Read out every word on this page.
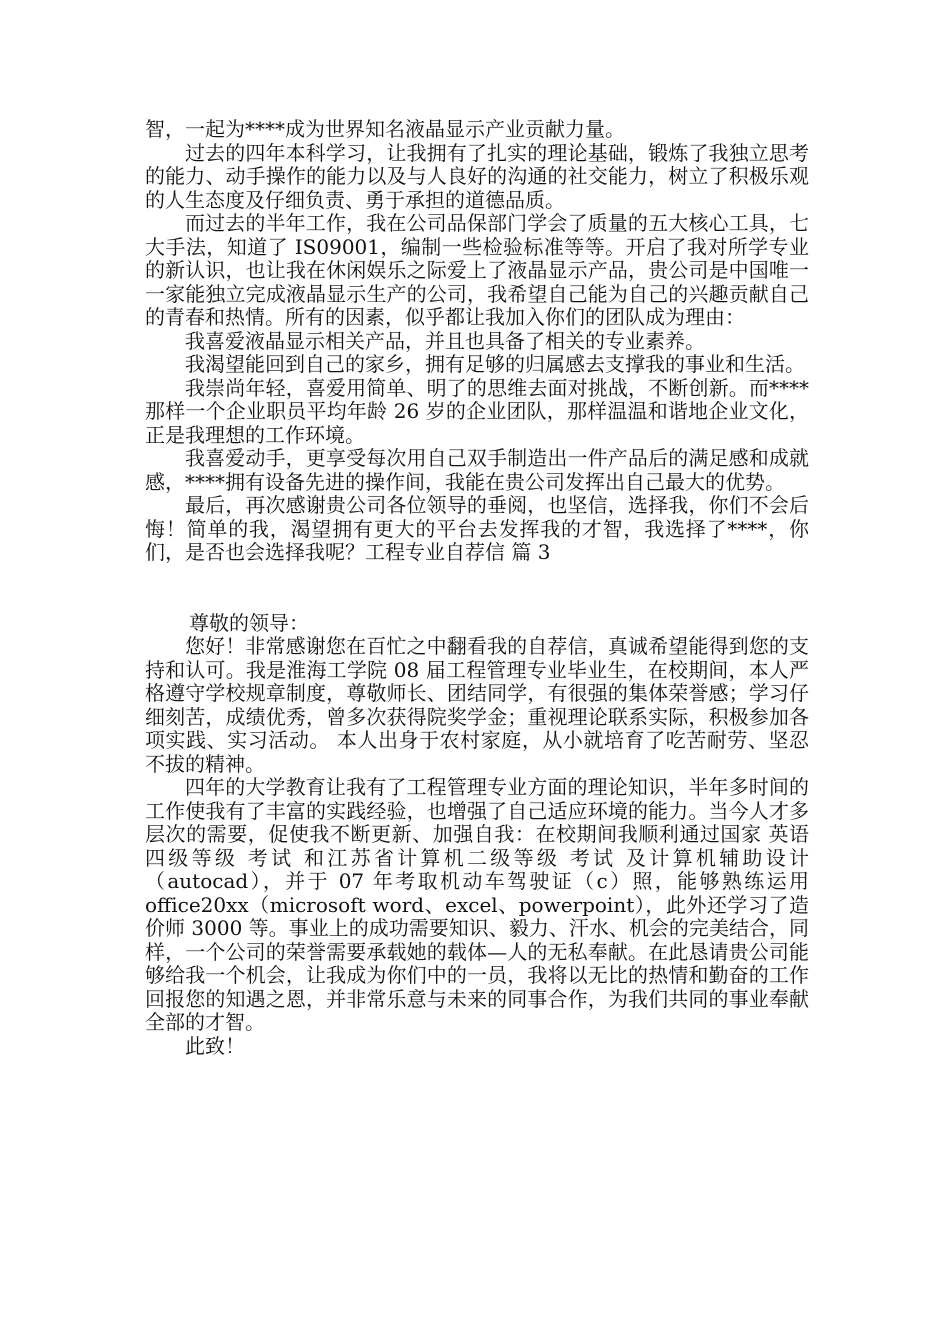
智，一起为****成为世界知名液晶显示产业贡献力量。

过去的四年本科学习，让我拥有了扎实的理论基础，锻炼了我独立思考的能力、动手操作的能力以及与人良好的沟通的社交能力，树立了积极乐观的人生态度及仔细负责、勇于承担的道德品质。

而过去的半年工作，我在公司品保部门学会了质量的五大核心工具，七大手法，知道了 IS09001，编制一些检验标准等等。开启了我对所学专业的新认识，也让我在休闲娱乐之际爱上了液晶显示产品，贵公司是中国唯一一家能独立完成液晶显示生产的公司，我希望自己能为自己的兴趣贡献自己的青春和热情。所有的因素，似乎都让我加入你们的团队成为理由：

我喜爱液晶显示相关产品，并且也具备了相关的专业素养。

我渴望能回到自己的家乡，拥有足够的归属感去支撑我的事业和生活。

我崇尚年轻，喜爱用简单、明了的思维去面对挑战，不断创新。而****那样一个企业职员平均年龄 26 岁的企业团队，那样温温和谐地企业文化，正是我理想的工作环境。

我喜爱动手，更享受每次用自己双手制造出一件产品后的满足感和成就感，****拥有设备先进的操作间，我能在贵公司发挥出自己最大的优势。

最后，再次感谢贵公司各位领导的垂阅，也坚信，选择我，你们不会后悔！简单的我，渴望拥有更大的平台去发挥我的才智，我选择了****，你们，是否也会选择我呢？工程专业自荐信 篇 3

尊敬的领导：

您好！非常感谢您在百忙之中翻看我的自荐信，真诚希望能得到您的支持和认可。我是淮海工学院 08 届工程管理专业毕业生，在校期间，本人严格遵守学校规章制度，尊敬师长、团结同学，有很强的集体荣誉感；学习仔细刻苦，成绩优秀，曾多次获得院奖学金；重视理论联系实际，积极参加各项实践、实习活动。 本人出身于农村家庭，从小就培育了吃苦耐劳、坚忍不拔的精神。

四年的大学教育让我有了工程管理专业方面的理论知识，半年多时间的工作使我有了丰富的实践经验，也增强了自己适应环境的能力。当今人才多层次的需要，促使我不断更新、加强自我：在校期间我顺利通过国家 英语 四级等级 考试 和江苏省计算机二级等级 考试 及计算机辅助设计（autocad），并于 07 年考取机动车驾驶证（c）照，能够熟练运用 office20xx（microsoft word、excel、powerpoint），此外还学习了造价师 3000 等。事业上的成功需要知识、毅力、汗水、机会的完美结合，同样，一个公司的荣誉需要承载她的载体—人的无私奉献。在此恳请贵公司能够给我一个机会，让我成为你们中的一员，我将以无比的热情和勤奋的工作回报您的知遇之恩，并非常乐意与未来的同事合作，为我们共同的事业奉献全部的才智。

此致！
